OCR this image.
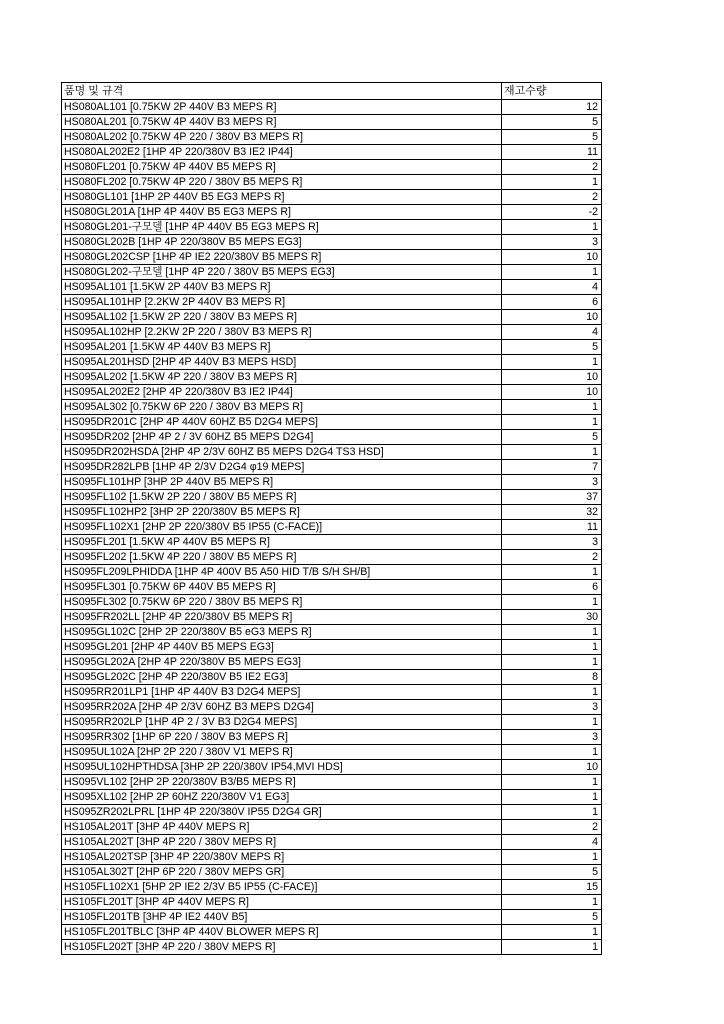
품명 및 규격	재고수량
HS080AL101 [0.75KW 2P 440V B3 MEPS R]	12
HS080AL201 [0.75KW 4P 440V B3 MEPS R]	5
HS080AL202 [0.75KW 4P 220 / 380V B3 MEPS R]	5
HS080AL202E2 [1HP 4P 220/380V B3 IE2 IP44]	11
HS080FL201 [0.75KW 4P 440V B5 MEPS R]	2
HS080FL202 [0.75KW 4P 220 / 380V B5 MEPS R]	1
HS080GL101 [1HP 2P 440V B5 EG3 MEPS R]	2
HS080GL201A [1HP 4P 440V B5 EG3 MEPS R]	-2
HS080GL201-구모델 [1HP 4P 440V B5 EG3 MEPS R]	1
HS080GL202B [1HP 4P 220/380V B5 MEPS EG3]	3
HS080GL202CSP [1HP 4P IE2 220/380V B5 MEPS R]	10
HS080GL202-구모델 [1HP 4P 220 / 380V B5 MEPS EG3]	1
HS095AL101 [1.5KW 2P 440V B3 MEPS R]	4
HS095AL101HP [2.2KW 2P 440V B3 MEPS R]	6
HS095AL102 [1.5KW 2P 220 / 380V B3 MEPS R]	10
HS095AL102HP [2.2KW 2P 220 / 380V B3 MEPS R]	4
HS095AL201 [1.5KW 4P 440V B3 MEPS R]	5
HS095AL201HSD [2HP 4P 440V B3 MEPS HSD]	1
HS095AL202 [1.5KW 4P 220 / 380V B3 MEPS R]	10
HS095AL202E2 [2HP 4P 220/380V B3 IE2 IP44]	10
HS095AL302 [0.75KW 6P 220 / 380V B3 MEPS R]	1
HS095DR201C [2HP 4P 440V 60HZ B5 D2G4 MEPS]	1
HS095DR202 [2HP 4P 2 / 3V 60HZ B5 MEPS D2G4]	5
HS095DR202HSDA [2HP 4P 2/3V 60HZ B5 MEPS D2G4 TS3 HSD]	1
HS095DR282LPB [1HP 4P 2/3V D2G4 φ19 MEPS]	7
HS095FL101HP [3HP 2P 440V B5 MEPS R]	3
HS095FL102 [1.5KW 2P 220 / 380V B5 MEPS R]	37
HS095FL102HP2 [3HP 2P 220/380V B5 MEPS R]	32
HS095FL102X1 [2HP 2P 220/380V B5 IP55 (C-FACE)]	11
HS095FL201 [1.5KW 4P 440V B5 MEPS R]	3
HS095FL202 [1.5KW 4P 220 / 380V B5 MEPS R]	2
HS095FL209LPHIDDA [1HP 4P 400V B5 A50 HID T/B S/H SH/B]	1
HS095FL301 [0.75KW 6P 440V B5 MEPS R]	6
HS095FL302 [0.75KW 6P 220 / 380V B5 MEPS R]	1
HS095FR202LL [2HP 4P 220/380V B5 MEPS R]	30
HS095GL102C [2HP 2P 220/380V B5 eG3 MEPS R]	1
HS095GL201 [2HP 4P 440V B5 MEPS EG3]	1
HS095GL202A [2HP 4P 220/380V B5 MEPS EG3]	1
HS095GL202C [2HP 4P 220/380V B5 IE2 EG3]	8
HS095RR201LP1 [1HP 4P 440V B3 D2G4 MEPS]	1
HS095RR202A [2HP 4P 2/3V 60HZ B3 MEPS D2G4]	3
HS095RR202LP [1HP 4P 2 / 3V B3 D2G4 MEPS]	1
HS095RR302 [1HP 6P 220 / 380V B3 MEPS R]	3
HS095UL102A [2HP 2P 220 / 380V V1 MEPS R]	1
HS095UL102HPTHDSA [3HP 2P 220/380V IP54,MVI HDS]	10
HS095VL102 [2HP 2P 220/380V B3/B5 MEPS R]	1
HS095XL102 [2HP 2P 60HZ 220/380V V1 EG3]	1
HS095ZR202LPRL [1HP 4P 220/380V IP55 D2G4 GR]	1
HS105AL201T [3HP 4P 440V MEPS R]	2
HS105AL202T [3HP 4P 220 / 380V MEPS R]	4
HS105AL202TSP [3HP 4P 220/380V MEPS R]	1
HS105AL302T [2HP 6P 220 / 380V MEPS GR]	5
HS105FL102X1 [5HP 2P IE2 2/3V B5 IP55 (C-FACE)]	15
HS105FL201T [3HP 4P 440V MEPS R]	1
HS105FL201TB [3HP 4P IE2 440V B5]	5
HS105FL201TBLC [3HP 4P 440V BLOWER MEPS R]	1
HS105FL202T [3HP 4P 220 / 380V MEPS R]	1
